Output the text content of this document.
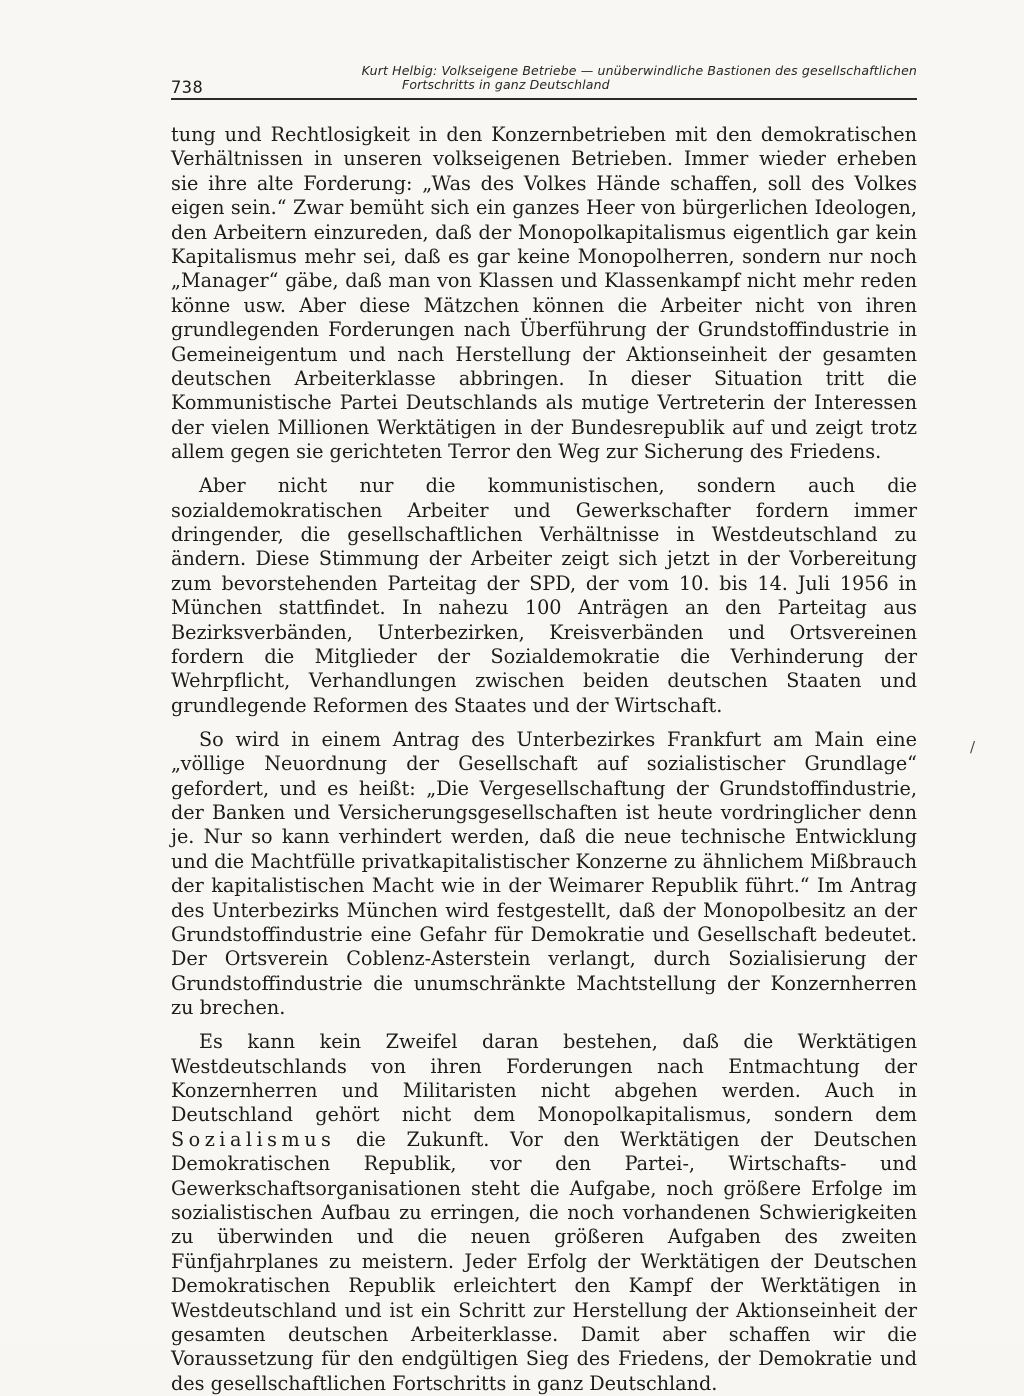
738
Kurt Helbig: Volkseigene Betriebe — unüberwindliche Bastionen des gesellschaftlichen
Fortschritts in ganz Deutschland

tung und Rechtlosigkeit in den Konzernbetrieben mit den demokratischen Verhältnissen in unseren volkseigenen Betrieben. Immer wieder erheben sie ihre alte Forderung: „Was des Volkes Hände schaffen, soll des Volkes eigen sein.“ Zwar bemüht sich ein ganzes Heer von bürgerlichen Ideologen, den Arbeitern einzureden, daß der Monopolkapitalismus eigentlich gar kein Kapitalismus mehr sei, daß es gar keine Monopolherren, sondern nur noch „Manager“ gäbe, daß man von Klassen und Klassenkampf nicht mehr reden könne usw. Aber diese Mätzchen können die Arbeiter nicht von ihren grundlegenden Forderungen nach Überführung der Grundstoffindustrie in Gemeineigentum und nach Herstellung der Aktionseinheit der gesamten deutschen Arbeiterklasse abbringen. In dieser Situation tritt die Kommunistische Partei Deutschlands als mutige Vertreterin der Interessen der vielen Millionen Werktätigen in der Bundesrepublik auf und zeigt trotz allem gegen sie gerichteten Terror den Weg zur Sicherung des Friedens.

Aber nicht nur die kommunistischen, sondern auch die sozialdemokratischen Arbeiter und Gewerkschafter fordern immer dringender, die gesellschaftlichen Verhältnisse in Westdeutschland zu ändern. Diese Stimmung der Arbeiter zeigt sich jetzt in der Vorbereitung zum bevorstehenden Parteitag der SPD, der vom 10. bis 14. Juli 1956 in München stattfindet. In nahezu 100 Anträgen an den Parteitag aus Bezirksverbänden, Unterbezirken, Kreisverbänden und Ortsvereinen fordern die Mitglieder der Sozialdemokratie die Verhinderung der Wehrpflicht, Verhandlungen zwischen beiden deutschen Staaten und grundlegende Reformen des Staates und der Wirtschaft.

So wird in einem Antrag des Unterbezirkes Frankfurt am Main eine „völlige Neuordnung der Gesellschaft auf sozialistischer Grundlage“ gefordert, und es heißt: „Die Vergesellschaftung der Grundstoffindustrie, der Banken und Versicherungsgesellschaften ist heute vordringlicher denn je. Nur so kann verhindert werden, daß die neue technische Entwicklung und die Machtfülle privatkapitalistischer Konzerne zu ähnlichem Mißbrauch der kapitalistischen Macht wie in der Weimarer Republik führt.“ Im Antrag des Unterbezirks München wird festgestellt, daß der Monopolbesitz an der Grundstoffindustrie eine Gefahr für Demokratie und Gesellschaft bedeutet. Der Ortsverein Coblenz-Asterstein verlangt, durch Sozialisierung der Grundstoffindustrie die unumschränkte Machtstellung der Konzernherren zu brechen.

Es kann kein Zweifel daran bestehen, daß die Werktätigen Westdeutschlands von ihren Forderungen nach Entmachtung der Konzernherren und Militaristen nicht abgehen werden. Auch in Deutschland gehört nicht dem Monopolkapitalismus, sondern dem Sozialismus die Zukunft. Vor den Werktätigen der Deutschen Demokratischen Republik, vor den Partei-, Wirtschafts- und Gewerkschaftsorganisationen steht die Aufgabe, noch größere Erfolge im sozialistischen Aufbau zu erringen, die noch vorhandenen Schwierigkeiten zu überwinden und die neuen größeren Aufgaben des zweiten Fünfjahrplanes zu meistern. Jeder Erfolg der Werktätigen der Deutschen Demokratischen Republik erleichtert den Kampf der Werktätigen in Westdeutschland und ist ein Schritt zur Herstellung der Aktionseinheit der gesamten deutschen Arbeiterklasse. Damit aber schaffen wir die Voraussetzung für den endgültigen Sieg des Friedens, der Demokratie und des gesellschaftlichen Fortschritts in ganz Deutschland.

/
